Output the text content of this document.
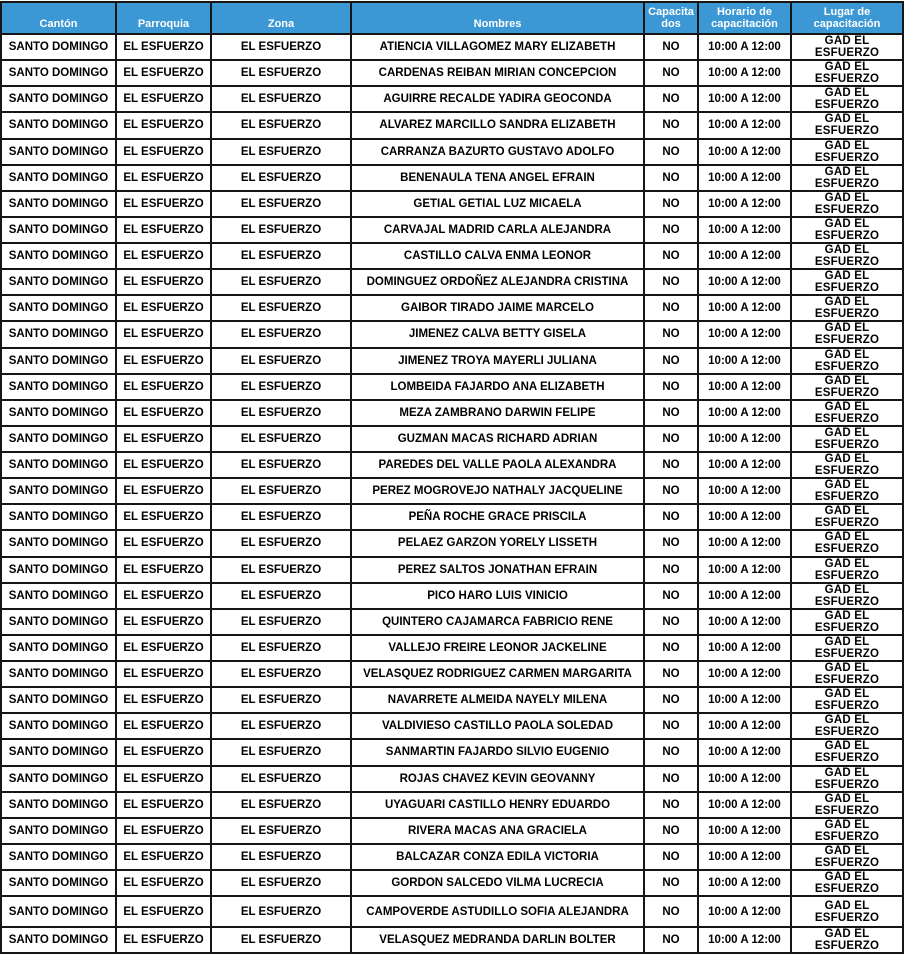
Cantón	Parroquia	Zona	Nombres	Capacita dos	Horario de capacitación	Lugar de capacitación
SANTO DOMINGO	EL ESFUERZO	EL ESFUERZO	ATIENCIA VILLAGOMEZ MARY ELIZABETH	NO	10:00 A 12:00	GAD EL ESFUERZO
SANTO DOMINGO	EL ESFUERZO	EL ESFUERZO	CARDENAS REIBAN MIRIAN CONCEPCION	NO	10:00 A 12:00	GAD EL ESFUERZO
SANTO DOMINGO	EL ESFUERZO	EL ESFUERZO	AGUIRRE RECALDE YADIRA GEOCONDA	NO	10:00 A 12:00	GAD EL ESFUERZO
SANTO DOMINGO	EL ESFUERZO	EL ESFUERZO	ALVAREZ MARCILLO SANDRA ELIZABETH	NO	10:00 A 12:00	GAD EL ESFUERZO
SANTO DOMINGO	EL ESFUERZO	EL ESFUERZO	CARRANZA BAZURTO GUSTAVO ADOLFO	NO	10:00 A 12:00	GAD EL ESFUERZO
SANTO DOMINGO	EL ESFUERZO	EL ESFUERZO	BENENAULA TENA ANGEL EFRAIN	NO	10:00 A 12:00	GAD EL ESFUERZO
SANTO DOMINGO	EL ESFUERZO	EL ESFUERZO	GETIAL GETIAL LUZ MICAELA	NO	10:00 A 12:00	GAD EL ESFUERZO
SANTO DOMINGO	EL ESFUERZO	EL ESFUERZO	CARVAJAL MADRID CARLA ALEJANDRA	NO	10:00 A 12:00	GAD EL ESFUERZO
SANTO DOMINGO	EL ESFUERZO	EL ESFUERZO	CASTILLO CALVA ENMA LEONOR	NO	10:00 A 12:00	GAD EL ESFUERZO
SANTO DOMINGO	EL ESFUERZO	EL ESFUERZO	DOMINGUEZ ORDOÑEZ ALEJANDRA CRISTINA	NO	10:00 A 12:00	GAD EL ESFUERZO
SANTO DOMINGO	EL ESFUERZO	EL ESFUERZO	GAIBOR TIRADO JAIME MARCELO	NO	10:00 A 12:00	GAD EL ESFUERZO
SANTO DOMINGO	EL ESFUERZO	EL ESFUERZO	JIMENEZ CALVA BETTY GISELA	NO	10:00 A 12:00	GAD EL ESFUERZO
SANTO DOMINGO	EL ESFUERZO	EL ESFUERZO	JIMENEZ TROYA MAYERLI JULIANA	NO	10:00 A 12:00	GAD EL ESFUERZO
SANTO DOMINGO	EL ESFUERZO	EL ESFUERZO	LOMBEIDA FAJARDO ANA ELIZABETH	NO	10:00 A 12:00	GAD EL ESFUERZO
SANTO DOMINGO	EL ESFUERZO	EL ESFUERZO	MEZA ZAMBRANO DARWIN FELIPE	NO	10:00 A 12:00	GAD EL ESFUERZO
SANTO DOMINGO	EL ESFUERZO	EL ESFUERZO	GUZMAN MACAS RICHARD ADRIAN	NO	10:00 A 12:00	GAD EL ESFUERZO
SANTO DOMINGO	EL ESFUERZO	EL ESFUERZO	PAREDES DEL VALLE PAOLA ALEXANDRA	NO	10:00 A 12:00	GAD EL ESFUERZO
SANTO DOMINGO	EL ESFUERZO	EL ESFUERZO	PEREZ MOGROVEJO NATHALY JACQUELINE	NO	10:00 A 12:00	GAD EL ESFUERZO
SANTO DOMINGO	EL ESFUERZO	EL ESFUERZO	PEÑA ROCHE GRACE PRISCILA	NO	10:00 A 12:00	GAD EL ESFUERZO
SANTO DOMINGO	EL ESFUERZO	EL ESFUERZO	PELAEZ GARZON YORELY LISSETH	NO	10:00 A 12:00	GAD EL ESFUERZO
SANTO DOMINGO	EL ESFUERZO	EL ESFUERZO	PEREZ SALTOS JONATHAN EFRAIN	NO	10:00 A 12:00	GAD EL ESFUERZO
SANTO DOMINGO	EL ESFUERZO	EL ESFUERZO	PICO HARO LUIS VINICIO	NO	10:00 A 12:00	GAD EL ESFUERZO
SANTO DOMINGO	EL ESFUERZO	EL ESFUERZO	QUINTERO CAJAMARCA FABRICIO RENE	NO	10:00 A 12:00	GAD EL ESFUERZO
SANTO DOMINGO	EL ESFUERZO	EL ESFUERZO	VALLEJO FREIRE LEONOR JACKELINE	NO	10:00 A 12:00	GAD EL ESFUERZO
SANTO DOMINGO	EL ESFUERZO	EL ESFUERZO	VELASQUEZ RODRIGUEZ CARMEN MARGARITA	NO	10:00 A 12:00	GAD EL ESFUERZO
SANTO DOMINGO	EL ESFUERZO	EL ESFUERZO	NAVARRETE ALMEIDA NAYELY MILENA	NO	10:00 A 12:00	GAD EL ESFUERZO
SANTO DOMINGO	EL ESFUERZO	EL ESFUERZO	VALDIVIESO CASTILLO PAOLA SOLEDAD	NO	10:00 A 12:00	GAD EL ESFUERZO
SANTO DOMINGO	EL ESFUERZO	EL ESFUERZO	SANMARTIN FAJARDO SILVIO EUGENIO	NO	10:00 A 12:00	GAD EL ESFUERZO
SANTO DOMINGO	EL ESFUERZO	EL ESFUERZO	ROJAS CHAVEZ KEVIN GEOVANNY	NO	10:00 A 12:00	GAD EL ESFUERZO
SANTO DOMINGO	EL ESFUERZO	EL ESFUERZO	UYAGUARI CASTILLO HENRY EDUARDO	NO	10:00 A 12:00	GAD EL ESFUERZO
SANTO DOMINGO	EL ESFUERZO	EL ESFUERZO	RIVERA MACAS ANA GRACIELA	NO	10:00 A 12:00	GAD EL ESFUERZO
SANTO DOMINGO	EL ESFUERZO	EL ESFUERZO	BALCAZAR CONZA EDILA VICTORIA	NO	10:00 A 12:00	GAD EL ESFUERZO
SANTO DOMINGO	EL ESFUERZO	EL ESFUERZO	GORDON SALCEDO VILMA LUCRECIA	NO	10:00 A 12:00	GAD EL ESFUERZO
SANTO DOMINGO	EL ESFUERZO	EL ESFUERZO	CAMPOVERDE ASTUDILLO SOFIA ALEJANDRA	NO	10:00 A 12:00	GAD EL ESFUERZO
SANTO DOMINGO	EL ESFUERZO	EL ESFUERZO	VELASQUEZ MEDRANDA DARLIN BOLTER	NO	10:00 A 12:00	GAD EL ESFUERZO
